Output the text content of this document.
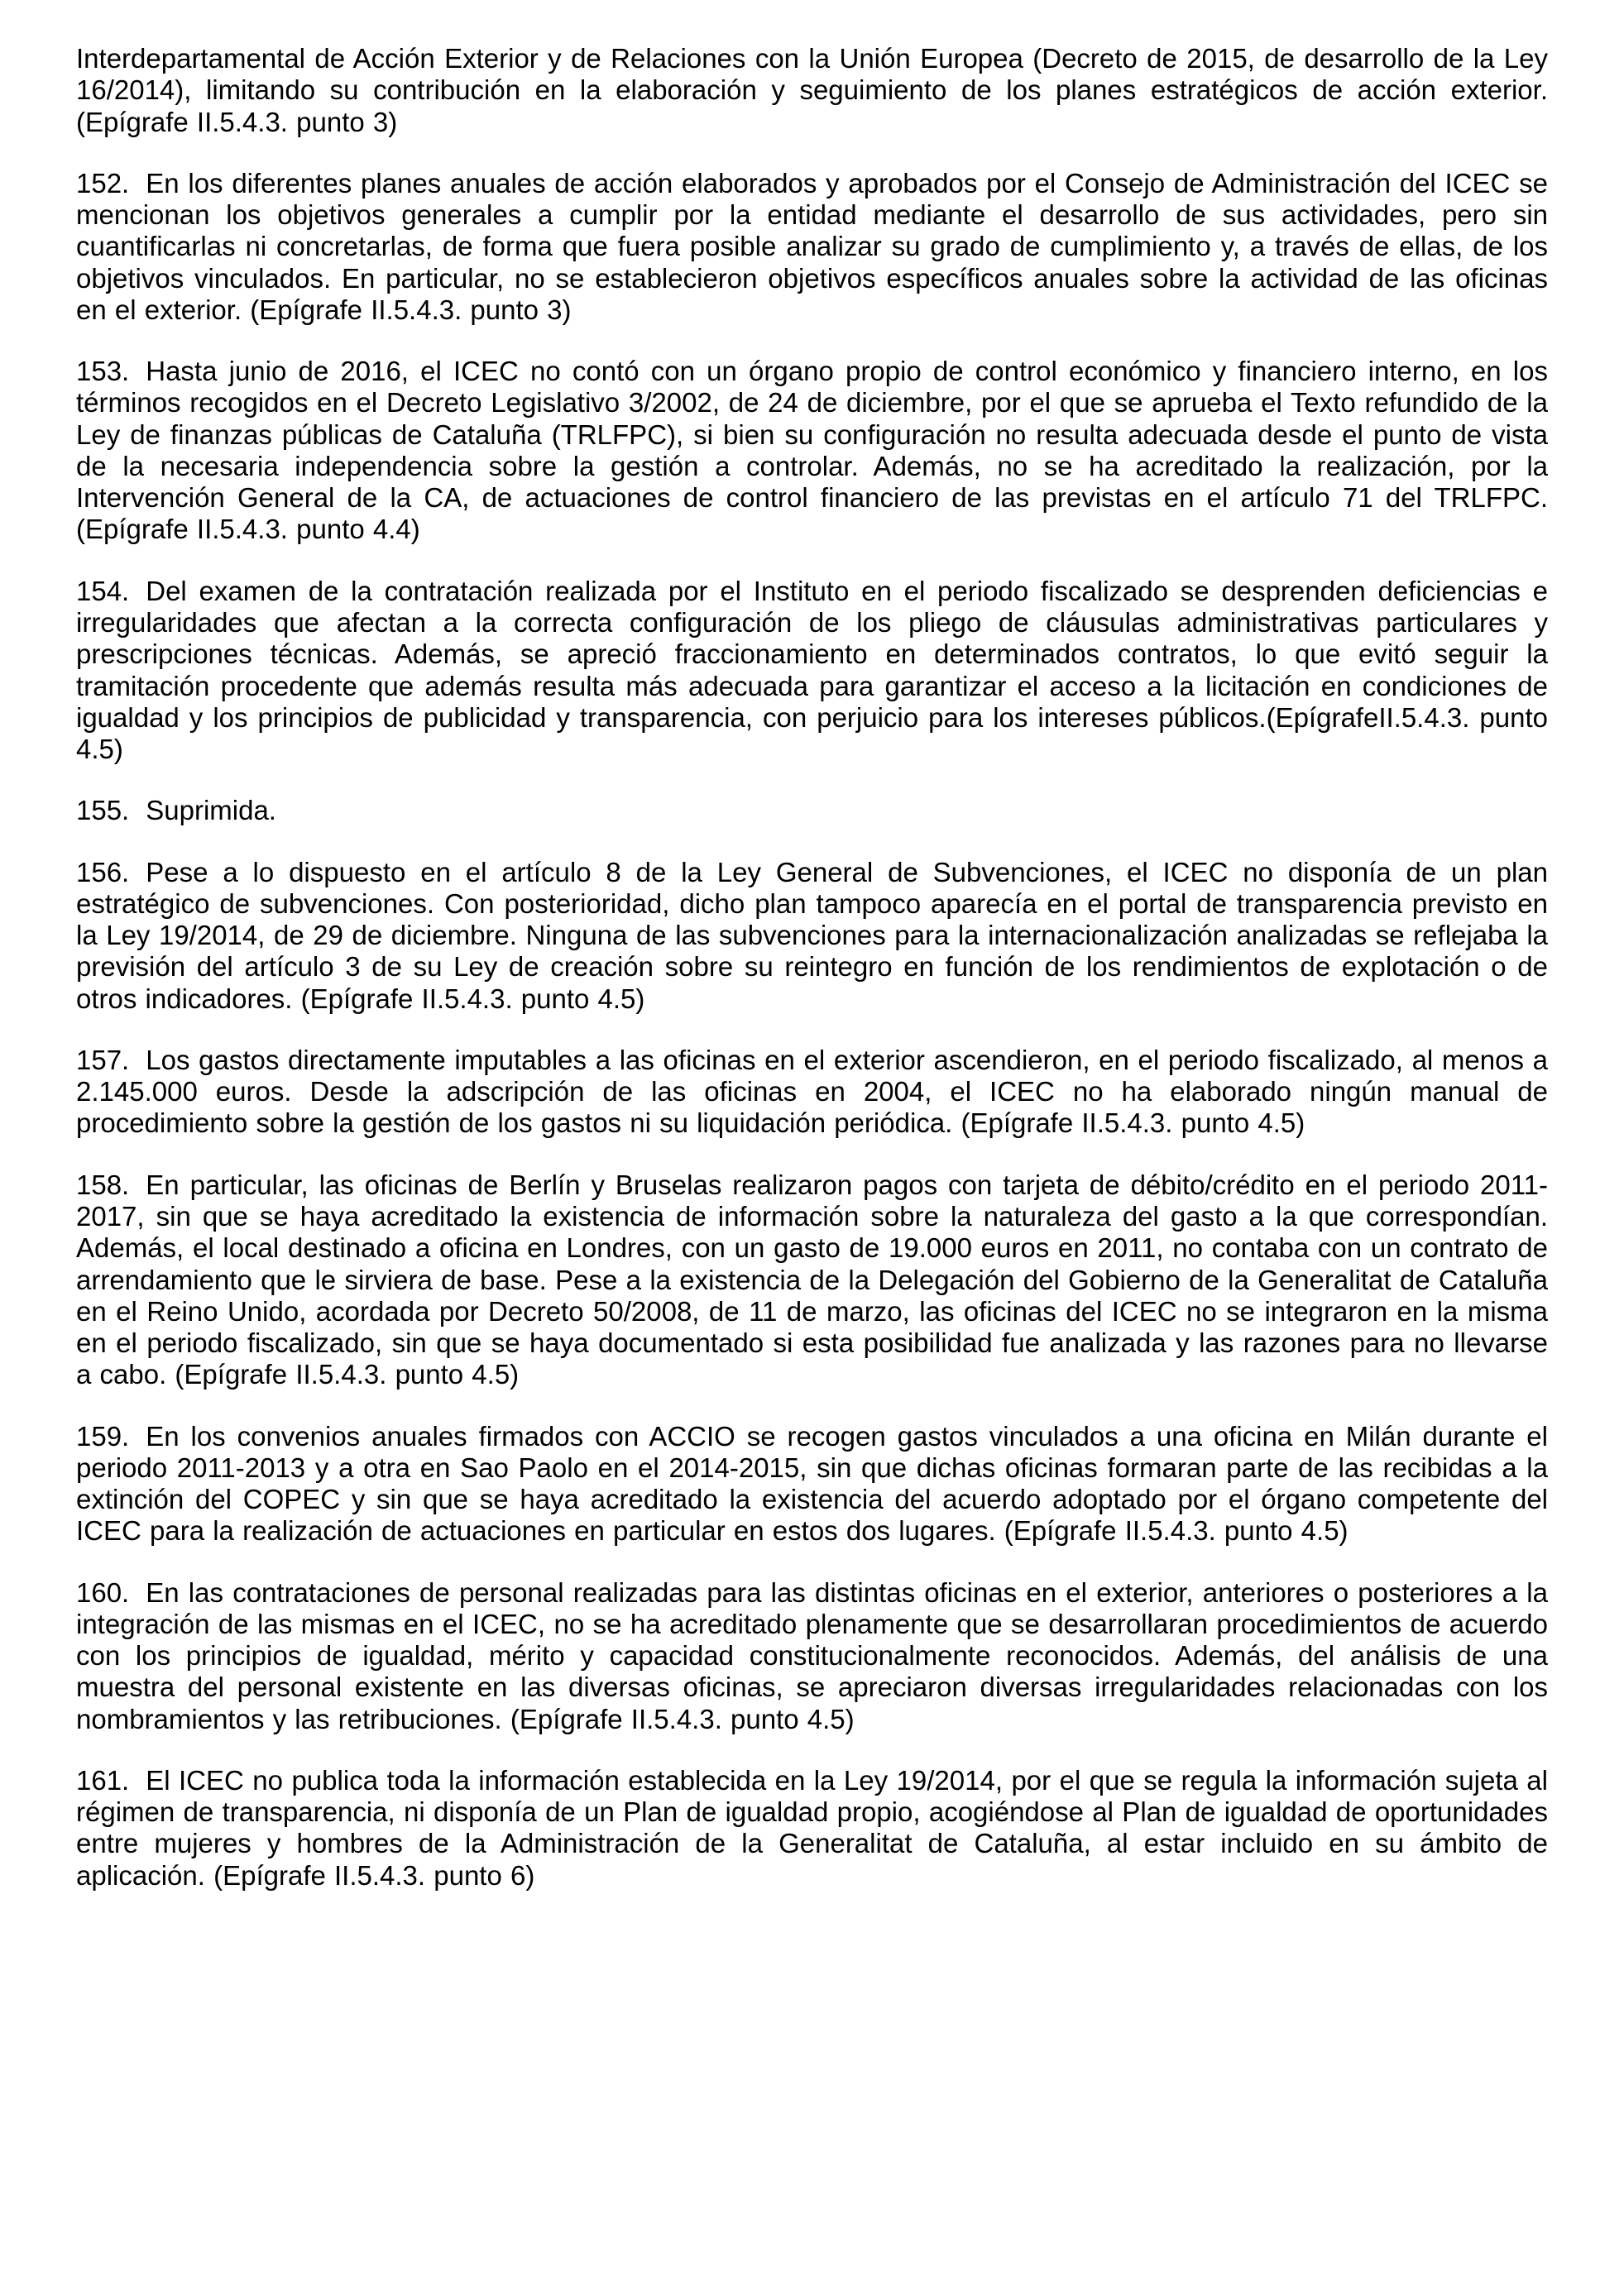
Interdepartamental de Acción Exterior y de Relaciones con la Unión Europea (Decreto de 2015, de desarrollo de la Ley 16/2014), limitando su contribución en la elaboración y seguimiento de los planes estratégicos de acción exterior. (Epígrafe II.5.4.3. punto 3)

152. En los diferentes planes anuales de acción elaborados y aprobados por el Consejo de Administración del ICEC se mencionan los objetivos generales a cumplir por la entidad mediante el desarrollo de sus actividades, pero sin cuantificarlas ni concretarlas, de forma que fuera posible analizar su grado de cumplimiento y, a través de ellas, de los objetivos vinculados. En particular, no se establecieron objetivos específicos anuales sobre la actividad de las oficinas en el exterior. (Epígrafe II.5.4.3. punto 3)

153. Hasta junio de 2016, el ICEC no contó con un órgano propio de control económico y financiero interno, en los términos recogidos en el Decreto Legislativo 3/2002, de 24 de diciembre, por el que se aprueba el Texto refundido de la Ley de finanzas públicas de Cataluña (TRLFPC), si bien su configuración no resulta adecuada desde el punto de vista de la necesaria independencia sobre la gestión a controlar. Además, no se ha acreditado la realización, por la Intervención General de la CA, de actuaciones de control financiero de las previstas en el artículo 71 del TRLFPC. (Epígrafe II.5.4.3. punto 4.4)

154. Del examen de la contratación realizada por el Instituto en el periodo fiscalizado se desprenden deficiencias e irregularidades que afectan a la correcta configuración de los pliego de cláusulas administrativas particulares y prescripciones técnicas. Además, se apreció fraccionamiento en determinados contratos, lo que evitó seguir la tramitación procedente que además resulta más adecuada para garantizar el acceso a la licitación en condiciones de igualdad y los principios de publicidad y transparencia, con perjuicio para los intereses públicos.(EpígrafeII.5.4.3. punto 4.5)

155. Suprimida.

156. Pese a lo dispuesto en el artículo 8 de la Ley General de Subvenciones, el ICEC no disponía de un plan estratégico de subvenciones. Con posterioridad, dicho plan tampoco aparecía en el portal de transparencia previsto en la Ley 19/2014, de 29 de diciembre. Ninguna de las subvenciones para la internacionalización analizadas se reflejaba la previsión del artículo 3 de su Ley de creación sobre su reintegro en función de los rendimientos de explotación o de otros indicadores. (Epígrafe II.5.4.3. punto 4.5)

157. Los gastos directamente imputables a las oficinas en el exterior ascendieron, en el periodo fiscalizado, al menos a 2.145.000 euros. Desde la adscripción de las oficinas en 2004, el ICEC no ha elaborado ningún manual de procedimiento sobre la gestión de los gastos ni su liquidación periódica. (Epígrafe II.5.4.3. punto 4.5)

158. En particular, las oficinas de Berlín y Bruselas realizaron pagos con tarjeta de débito/crédito en el periodo 2011-2017, sin que se haya acreditado la existencia de información sobre la naturaleza del gasto a la que correspondían. Además, el local destinado a oficina en Londres, con un gasto de 19.000 euros en 2011, no contaba con un contrato de arrendamiento que le sirviera de base. Pese a la existencia de la Delegación del Gobierno de la Generalitat de Cataluña en el Reino Unido, acordada por Decreto 50/2008, de 11 de marzo, las oficinas del ICEC no se integraron en la misma en el periodo fiscalizado, sin que se haya documentado si esta posibilidad fue analizada y las razones para no llevarse a cabo. (Epígrafe II.5.4.3. punto 4.5)

159. En los convenios anuales firmados con ACCIO se recogen gastos vinculados a una oficina en Milán durante el periodo 2011-2013 y a otra en Sao Paolo en el 2014-2015, sin que dichas oficinas formaran parte de las recibidas a la extinción del COPEC y sin que se haya acreditado la existencia del acuerdo adoptado por el órgano competente del ICEC para la realización de actuaciones en particular en estos dos lugares. (Epígrafe II.5.4.3. punto 4.5)

160. En las contrataciones de personal realizadas para las distintas oficinas en el exterior, anteriores o posteriores a la integración de las mismas en el ICEC, no se ha acreditado plenamente que se desarrollaran procedimientos de acuerdo con los principios de igualdad, mérito y capacidad constitucionalmente reconocidos. Además, del análisis de una muestra del personal existente en las diversas oficinas, se apreciaron diversas irregularidades relacionadas con los nombramientos y las retribuciones. (Epígrafe II.5.4.3. punto 4.5)

161. El ICEC no publica toda la información establecida en la Ley 19/2014, por el que se regula la información sujeta al régimen de transparencia, ni disponía de un Plan de igualdad propio, acogiéndose al Plan de igualdad de oportunidades entre mujeres y hombres de la Administración de la Generalitat de Cataluña, al estar incluido en su ámbito de aplicación. (Epígrafe II.5.4.3. punto 6)
